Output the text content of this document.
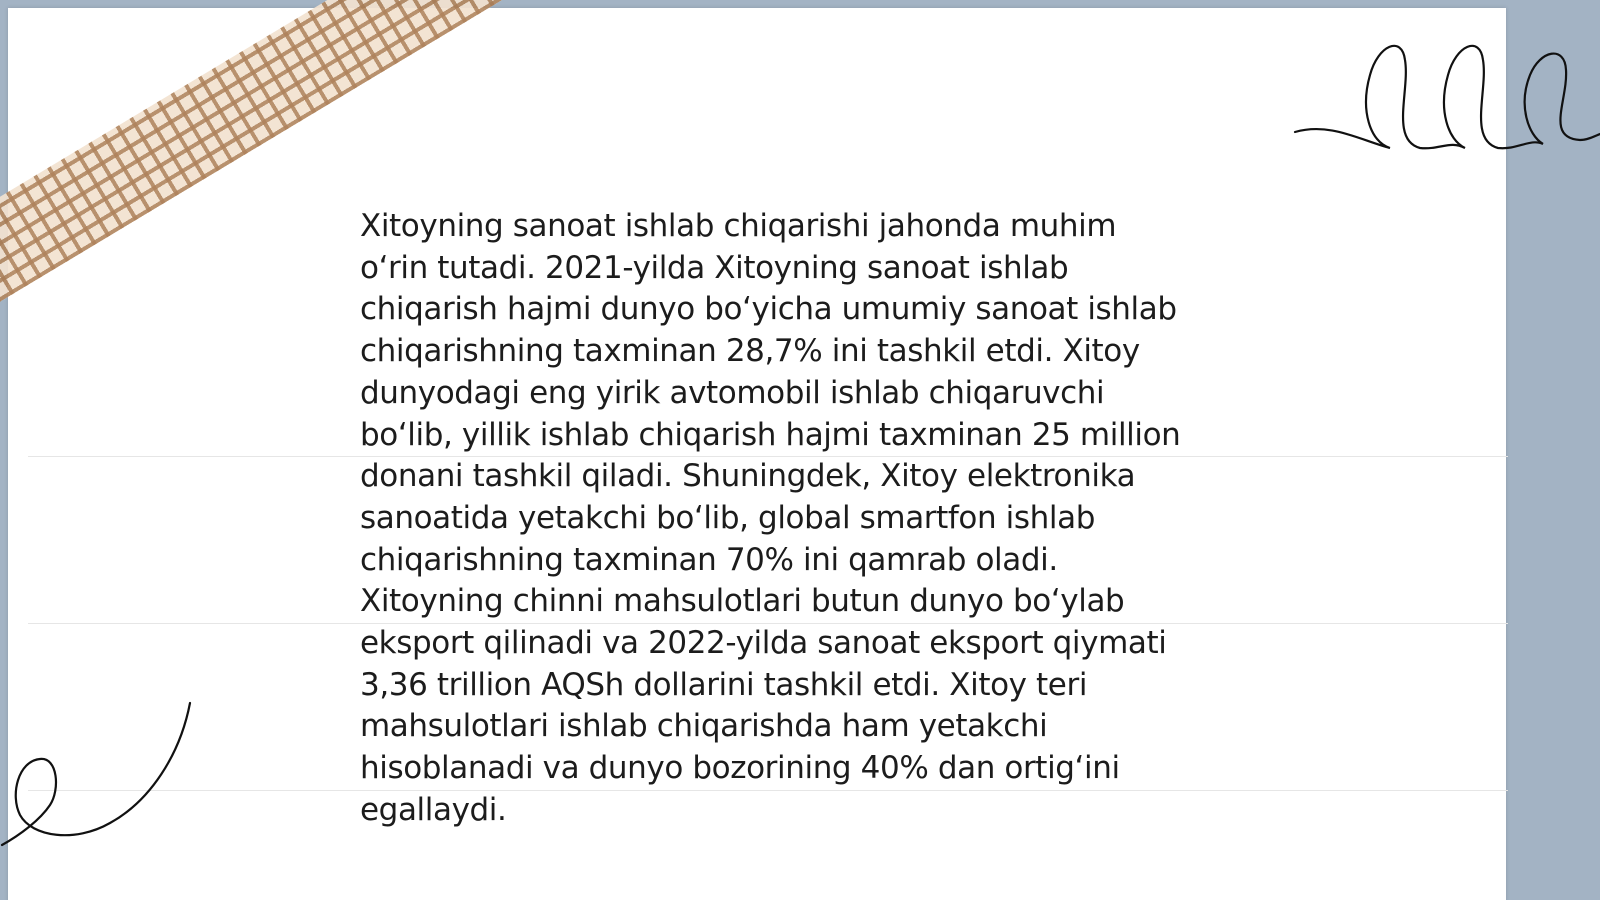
Xitoyning sanoat ishlab chiqarishi jahonda muhim
oʻrin tutadi. 2021-yilda Xitoyning sanoat ishlab
chiqarish hajmi dunyo boʻyicha umumiy sanoat ishlab
chiqarishning taxminan 28,7% ini tashkil etdi. Xitoy
dunyodagi eng yirik avtomobil ishlab chiqaruvchi
boʻlib, yillik ishlab chiqarish hajmi taxminan 25 million
donani tashkil qiladi. Shuningdek, Xitoy elektronika
sanoatida yetakchi boʻlib, global smartfon ishlab
chiqarishning taxminan 70% ini qamrab oladi.
Xitoyning chinni mahsulotlari butun dunyo boʻylab
eksport qilinadi va 2022-yilda sanoat eksport qiymati
3,36 trillion AQSh dollarini tashkil etdi. Xitoy teri
mahsulotlari ishlab chiqarishda ham yetakchi
hisoblanadi va dunyo bozorining 40% dan ortigʻini
egallaydi.
